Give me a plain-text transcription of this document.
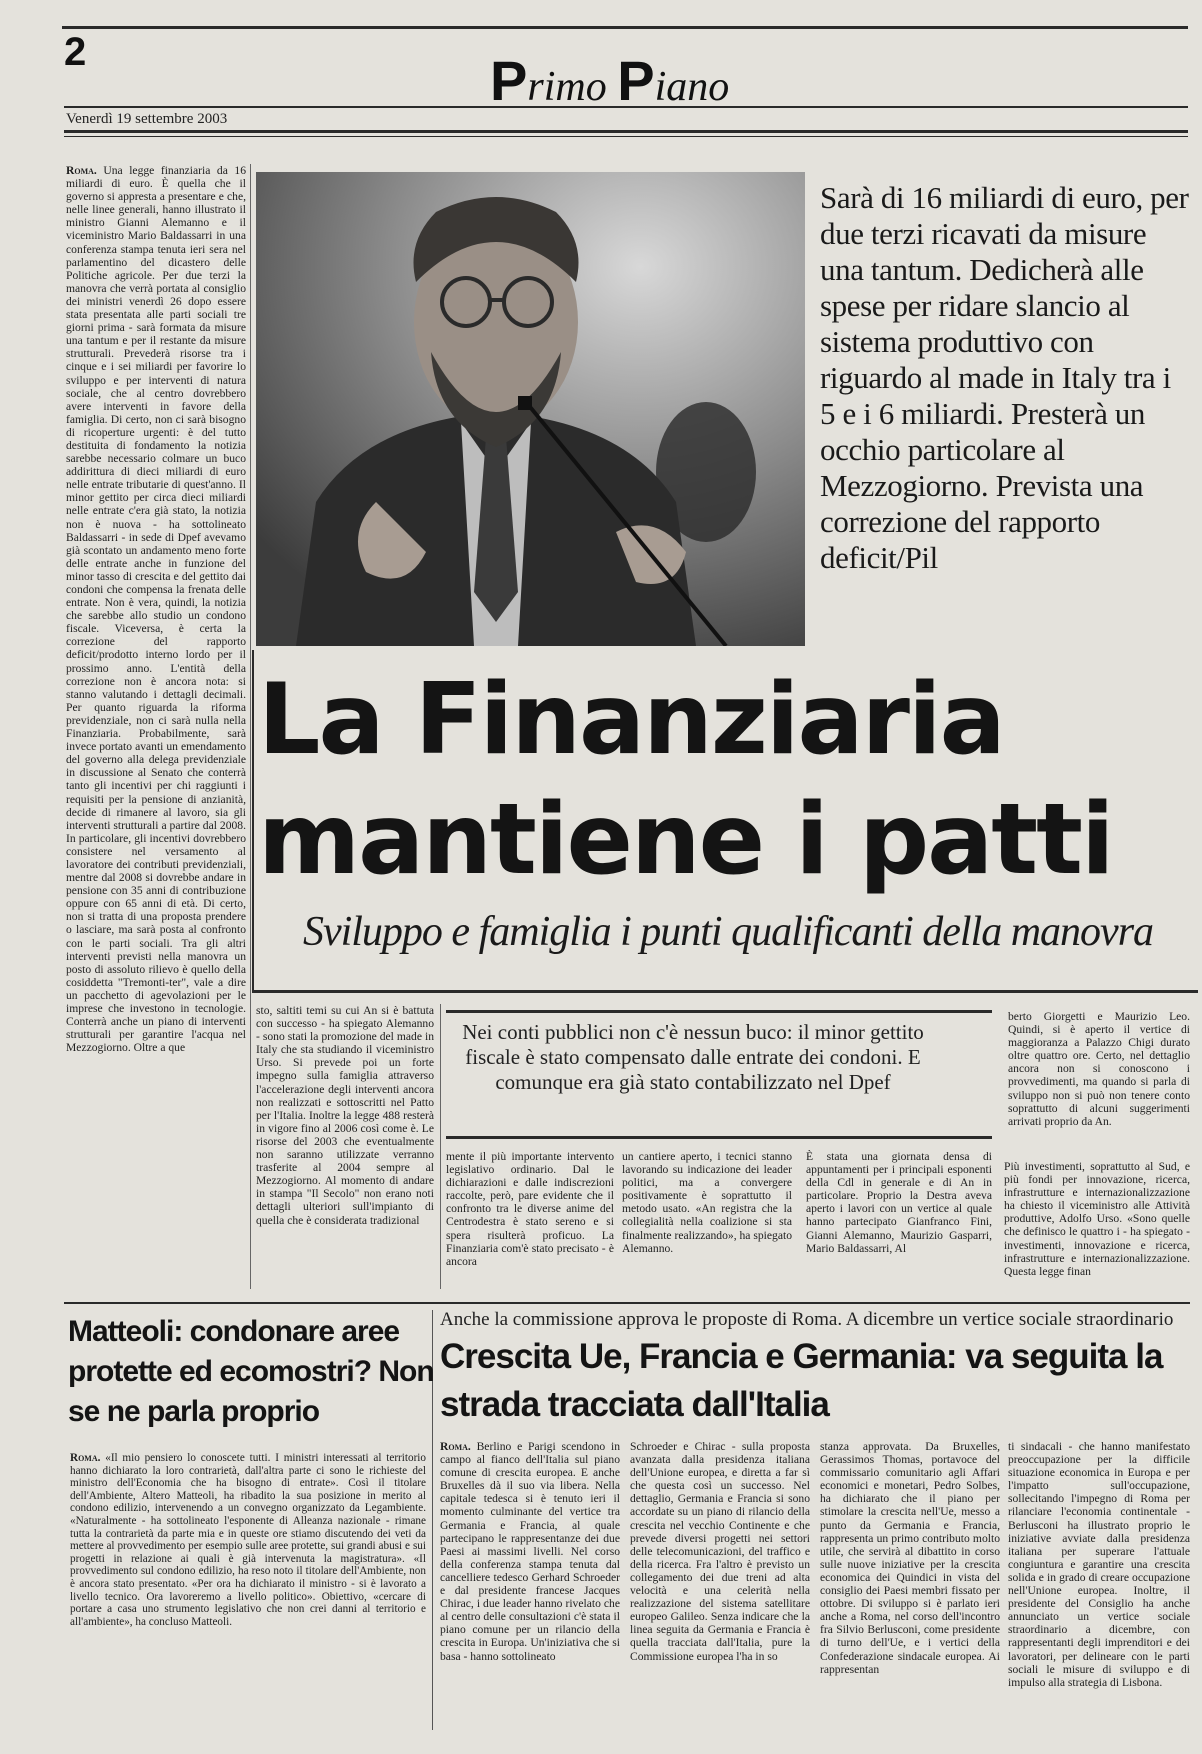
2	Primo Piano
Venerdì 19 settembre 2003
Roma. Una legge finanziaria da 16 miliardi di euro. È quella che il governo si appresta a presentare e che, nelle linee generali, hanno illustrato il ministro Gianni Alemanno e il viceministro Mario Baldassarri in una conferenza stampa tenuta ieri sera nel parlamentino del dicastero delle Politiche agricole. Per due terzi la manovra che verrà portata al consiglio dei ministri venerdì 26 dopo essere stata presentata alle parti sociali tre giorni prima - sarà formata da misure una tantum e per il restante da misure strutturali. Prevederà risorse tra i cinque e i sei miliardi per favorire lo sviluppo e per interventi di natura sociale, che al centro dovrebbero avere interventi in favore della famiglia. Di certo, non ci sarà bisogno di ricoperture urgenti: è del tutto destituita di fondamento la notizia sarebbe necessario colmare un buco addirittura di dieci miliardi di euro nelle entrate tributarie di quest'anno. Il minor gettito per circa dieci miliardi nelle entrate c'era già stato, la notizia non è nuova - ha sottolineato Baldassarri - in sede di Dpef avevamo già scontato un andamento meno forte delle entrate anche in funzione del minor tasso di crescita e del gettito dai condoni che compensa la frenata delle entrate. Non è vera, quindi, la notizia che sarebbe allo studio un condono fiscale. Viceversa, è certa la correzione del rapporto deficit/prodotto interno lordo per il prossimo anno. L'entità della correzione non è ancora nota: si stanno valutando i dettagli decimali. Per quanto riguarda la riforma previdenziale, non ci sarà nulla nella Finanziaria. Probabilmente, sarà invece portato avanti un emendamento del governo alla delega previdenziale in discussione al Senato che conterrà tanto gli incentivi per chi raggiunti i requisiti per la pensione di anzianità, decide di rimanere al lavoro, sia gli interventi strutturali a partire dal 2008. In particolare, gli incentivi dovrebbero consistere nel versamento al lavoratore dei contributi previdenziali, mentre dal 2008 si dovrebbe andare in pensione con 35 anni di contribuzione oppure con 65 anni di età. Di certo, non si tratta di una proposta prendere o lasciare, ma sarà posta al confronto con le parti sociali. Tra gli altri interventi previsti nella manovra un posto di assoluto rilievo è quello della cosiddetta "Tremonti-ter", vale a dire un pacchetto di agevolazioni per le imprese che investono in tecnologie. Conterrà anche un piano di interventi strutturali per garantire l'acqua nel Mezzogiorno. Oltre a que
Sarà di 16 miliardi di euro, per due terzi ricavati da misure una tantum. Dedicherà alle spese per ridare slancio al sistema produttivo con riguardo al made in Italy tra i 5 e i 6 miliardi. Presterà un occhio particolare al Mezzogiorno. Prevista una correzione del rapporto deficit/Pil
La Finanziaria
mantiene i patti
Sviluppo e famiglia i punti qualificanti della manovra
sto, saltiti temi su cui An si è battuta con successo - ha spiegato Alemanno - sono stati la promozione del made in Italy che sta studiando il viceministro Urso. Si prevede poi un forte impegno sulla famiglia attraverso l'accelerazione degli interventi ancora non realizzati e sottoscritti nel Patto per l'Italia. Inoltre la legge 488 resterà in vigore fino al 2006 così come è. Le risorse del 2003 che eventualmente non saranno utilizzate verranno trasferite al 2004 sempre al Mezzogiorno. Al momento di andare in stampa "Il Secolo" non erano noti dettagli ulteriori sull'impianto di quella che è considerata tradizional
Nei conti pubblici non c'è nessun buco: il minor gettito fiscale è stato compensato dalle entrate dei condoni. E comunque era già stato contabilizzato nel Dpef
berto Giorgetti e Maurizio Leo. Quindi, si è aperto il vertice di maggioranza a Palazzo Chigi durato oltre quattro ore. Certo, nel dettaglio ancora non si conoscono i provvedimenti, ma quando si parla di sviluppo non si può non tenere conto soprattutto di alcuni suggerimenti arrivati proprio da An.
mente il più importante intervento legislativo ordinario. Dal le dichiarazioni e dalle indiscrezioni raccolte, però, pare evidente che il confronto tra le diverse anime del Centrodestra è stato sereno e si spera risulterà proficuo. La Finanziaria com'è stato precisato - è ancora
un cantiere aperto, i tecnici stanno lavorando su indicazione dei leader politici, ma a convergere positivamente è soprattutto il metodo usato. «An registra che la collegialità nella coalizione si sta finalmente realizzando», ha spiegato Alemanno.
È stata una giornata densa di appuntamenti per i principali esponenti della Cdl in generale e di An in particolare. Proprio la Destra aveva aperto i lavori con un vertice al quale hanno partecipato Gianfranco Fini, Gianni Alemanno, Maurizio Gasparri, Mario Baldassarri, Al
Più investimenti, soprattutto al Sud, e più fondi per innovazione, ricerca, infrastrutture e internazionalizzazione ha chiesto il viceministro alle Attività produttive, Adolfo Urso. «Sono quelle che definisco le quattro i - ha spiegato - investimenti, innovazione e ricerca, infrastrutture e internazionalizzazione. Questa legge finan
Matteoli: condonare aree protette ed ecomostri? Non se ne parla proprio
Roma. «Il mio pensiero lo conoscete tutti. I ministri interessati al territorio hanno dichiarato la loro contrarietà, dall'altra parte ci sono le richieste del ministro dell'Economia che ha bisogno di entrate». Così il titolare dell'Ambiente, Altero Matteoli, ha ribadito la sua posizione in merito al condono edilizio, intervenendo a un convegno organizzato da Legambiente. «Naturalmente - ha sottolineato l'esponente di Alleanza nazionale - rimane tutta la contrarietà da parte mia e in queste ore stiamo discutendo dei veti da mettere al provvedimento per esempio sulle aree protette, sui grandi abusi e sui progetti in relazione ai quali è già intervenuta la magistratura». «Il provvedimento sul condono edilizio, ha reso noto il titolare dell'Ambiente, non è ancora stato presentato. «Per ora ha dichiarato il ministro - si è lavorato a livello tecnico. Ora lavoreremo a livello politico». Obiettivo, «cercare di portare a casa uno strumento legislativo che non crei danni al territorio e all'ambiente», ha concluso Matteoli.
Anche la commissione approva le proposte di Roma. A dicembre un vertice sociale straordinario
Crescita Ue, Francia e Germania: va seguita la strada tracciata dall'Italia
Roma. Berlino e Parigi scendono in campo al fianco dell'Italia sul piano comune di crescita europea. E anche Bruxelles dà il suo via libera. Nella capitale tedesca si è tenuto ieri il momento culminante del vertice tra Germania e Francia, al quale partecipano le rappresentanze dei due Paesi ai massimi livelli. Nel corso della conferenza stampa tenuta dal cancelliere tedesco Gerhard Schroeder e dal presidente francese Jacques Chirac, i due leader hanno rivelato che al centro delle consultazioni c'è stata il piano comune per un rilancio della crescita in Europa. Un'iniziativa che si basa - hanno sottolineato
Schroeder e Chirac - sulla proposta avanzata dalla presidenza italiana dell'Unione europea, e diretta a far sì che questa così un successo. Nel dettaglio, Germania e Francia si sono accordate su un piano di rilancio della crescita nel vecchio Continente e che prevede diversi progetti nei settori delle telecomunicazioni, del traffico e della ricerca. Fra l'altro è previsto un collegamento dei due treni ad alta velocità e una celerità nella realizzazione del sistema satellitare europeo Galileo. Senza indicare che la linea seguita da Germania e Francia è quella tracciata dall'Italia, pure la Commissione europea l'ha in so
stanza approvata. Da Bruxelles, Gerassimos Thomas, portavoce del commissario comunitario agli Affari economici e monetari, Pedro Solbes, ha dichiarato che il piano per stimolare la crescita nell'Ue, messo a punto da Germania e Francia, rappresenta un primo contributo molto utile, che servirà al dibattito in corso sulle nuove iniziative per la crescita economica dei Quindici in vista del consiglio dei Paesi membri fissato per ottobre. Di sviluppo si è parlato ieri anche a Roma, nel corso dell'incontro fra Silvio Berlusconi, come presidente di turno dell'Ue, e i vertici della Confederazione sindacale europea. Ai rappresentan
ti sindacali - che hanno manifestato preoccupazione per la difficile situazione economica in Europa e per l'impatto sull'occupazione, sollecitando l'impegno di Roma per rilanciare l'economia continentale - Berlusconi ha illustrato proprio le iniziative avviate dalla presidenza italiana per superare l'attuale congiuntura e garantire una crescita solida e in grado di creare occupazione nell'Unione europea. Inoltre, il presidente del Consiglio ha anche annunciato un vertice sociale straordinario a dicembre, con rappresentanti degli imprenditori e dei lavoratori, per delineare con le parti sociali le misure di sviluppo e di impulso alla strategia di Lisbona.
